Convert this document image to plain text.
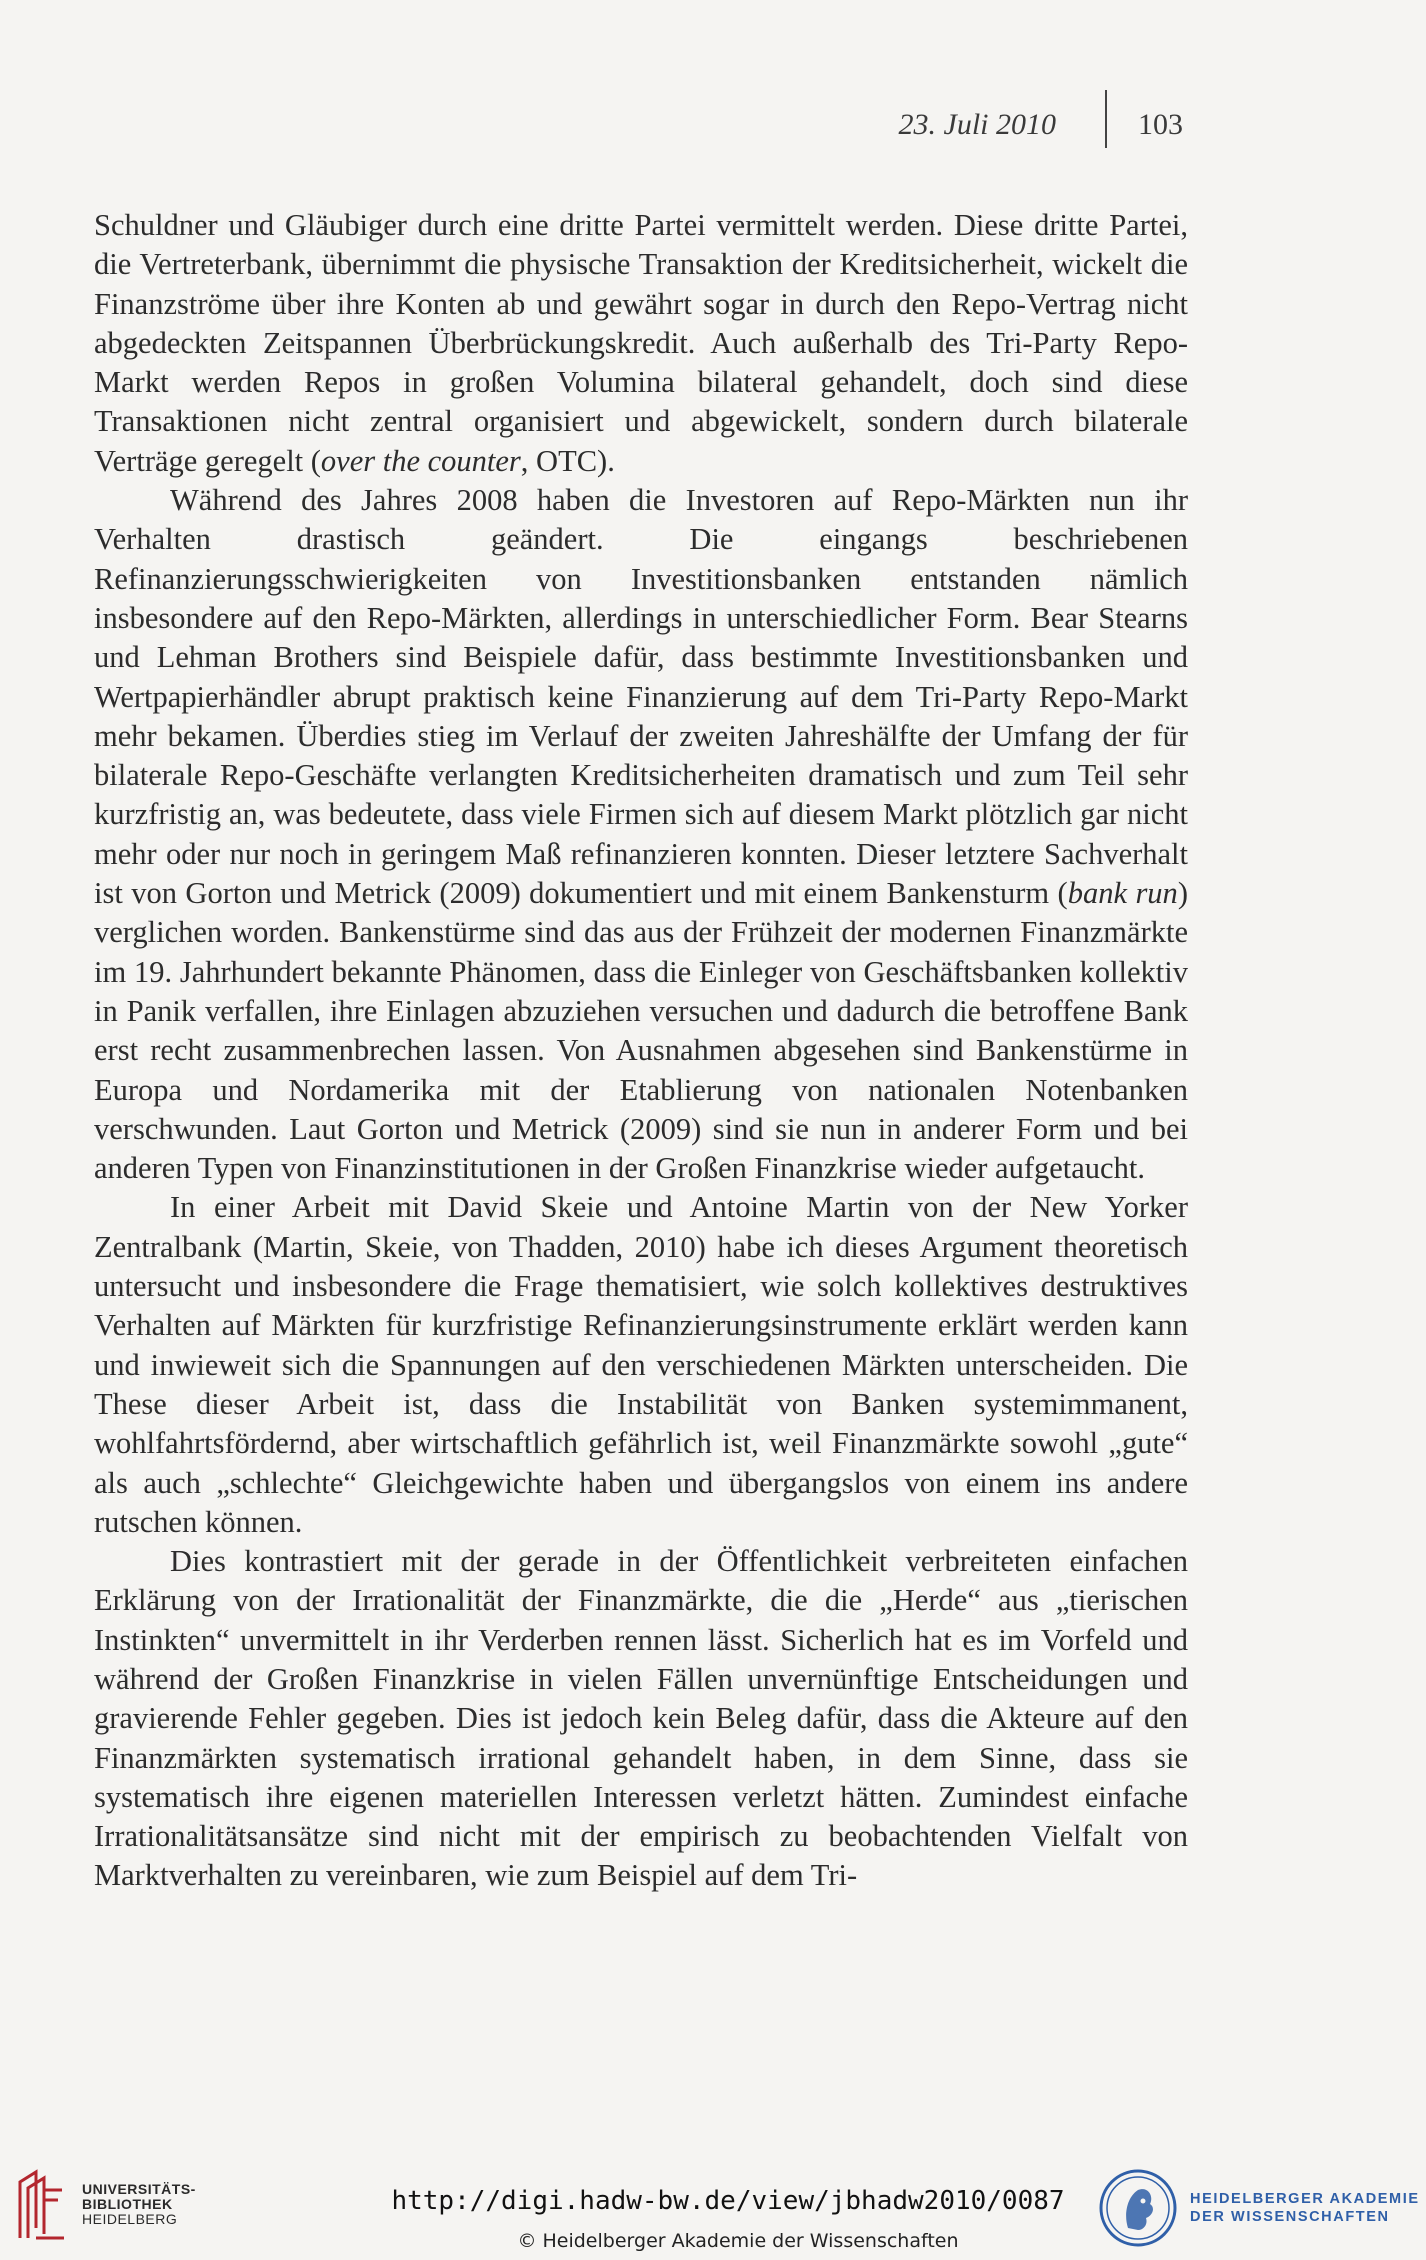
23. Juli 2010	103

Schuldner und Gläubiger durch eine dritte Partei vermittelt werden. Diese dritte Partei, die Vertreterbank, übernimmt die physische Transaktion der Kreditsicherheit, wickelt die Finanzströme über ihre Konten ab und gewährt sogar in durch den Repo-Vertrag nicht abgedeckten Zeitspannen Überbrückungskredit. Auch außerhalb des Tri-Party Repo-Markt werden Repos in großen Volumina bilateral gehandelt, doch sind diese Transaktionen nicht zentral organisiert und abgewickelt, sondern durch bilaterale Verträge geregelt (over the counter, OTC).

Während des Jahres 2008 haben die Investoren auf Repo-Märkten nun ihr Verhalten drastisch geändert. Die eingangs beschriebenen Refinanzierungsschwierigkeiten von Investitionsbanken entstanden nämlich insbesondere auf den Repo-Märkten, allerdings in unterschiedlicher Form. Bear Stearns und Lehman Brothers sind Beispiele dafür, dass bestimmte Investitionsbanken und Wertpapierhändler abrupt praktisch keine Finanzierung auf dem Tri-Party Repo-Markt mehr bekamen. Überdies stieg im Verlauf der zweiten Jahreshälfte der Umfang der für bilaterale Repo-Geschäfte verlangten Kreditsicherheiten dramatisch und zum Teil sehr kurzfristig an, was bedeutete, dass viele Firmen sich auf diesem Markt plötzlich gar nicht mehr oder nur noch in geringem Maß refinanzieren konnten. Dieser letztere Sachverhalt ist von Gorton und Metrick (2009) dokumentiert und mit einem Bankensturm (bank run) verglichen worden. Bankenstürme sind das aus der Frühzeit der modernen Finanzmärkte im 19. Jahrhundert bekannte Phänomen, dass die Einleger von Geschäftsbanken kollektiv in Panik verfallen, ihre Einlagen abzuziehen versuchen und dadurch die betroffene Bank erst recht zusammenbrechen lassen. Von Ausnahmen abgesehen sind Bankenstürme in Europa und Nordamerika mit der Etablierung von nationalen Notenbanken verschwunden. Laut Gorton und Metrick (2009) sind sie nun in anderer Form und bei anderen Typen von Finanzinstitutionen in der Großen Finanzkrise wieder aufgetaucht.

In einer Arbeit mit David Skeie und Antoine Martin von der New Yorker Zentralbank (Martin, Skeie, von Thadden, 2010) habe ich dieses Argument theoretisch untersucht und insbesondere die Frage thematisiert, wie solch kollektives destruktives Verhalten auf Märkten für kurzfristige Refinanzierungsinstrumente erklärt werden kann und inwieweit sich die Spannungen auf den verschiedenen Märkten unterscheiden. Die These dieser Arbeit ist, dass die Instabilität von Banken systemimmanent, wohlfahrtsfördernd, aber wirtschaftlich gefährlich ist, weil Finanzmärkte sowohl „gute“ als auch „schlechte“ Gleichgewichte haben und übergangslos von einem ins andere rutschen können.

Dies kontrastiert mit der gerade in der Öffentlichkeit verbreiteten einfachen Erklärung von der Irrationalität der Finanzmärkte, die die „Herde“ aus „tierischen Instinkten“ unvermittelt in ihr Verderben rennen lässt. Sicherlich hat es im Vorfeld und während der Großen Finanzkrise in vielen Fällen unvernünftige Entscheidungen und gravierende Fehler gegeben. Dies ist jedoch kein Beleg dafür, dass die Akteure auf den Finanzmärkten systematisch irrational gehandelt haben, in dem Sinne, dass sie systematisch ihre eigenen materiellen Interessen verletzt hätten. Zumindest einfache Irrationalitätsansätze sind nicht mit der empirisch zu beobachtenden Vielfalt von Marktverhalten zu vereinbaren, wie zum Beispiel auf dem Tri-

UNIVERSITÄTS-
BIBLIOTHEK
HEIDELBERG
http://digi.hadw-bw.de/view/jbhadw2010/0087
© Heidelberger Akademie der Wissenschaften
HEIDELBERGER AKADEMIE
DER WISSENSCHAFTEN
